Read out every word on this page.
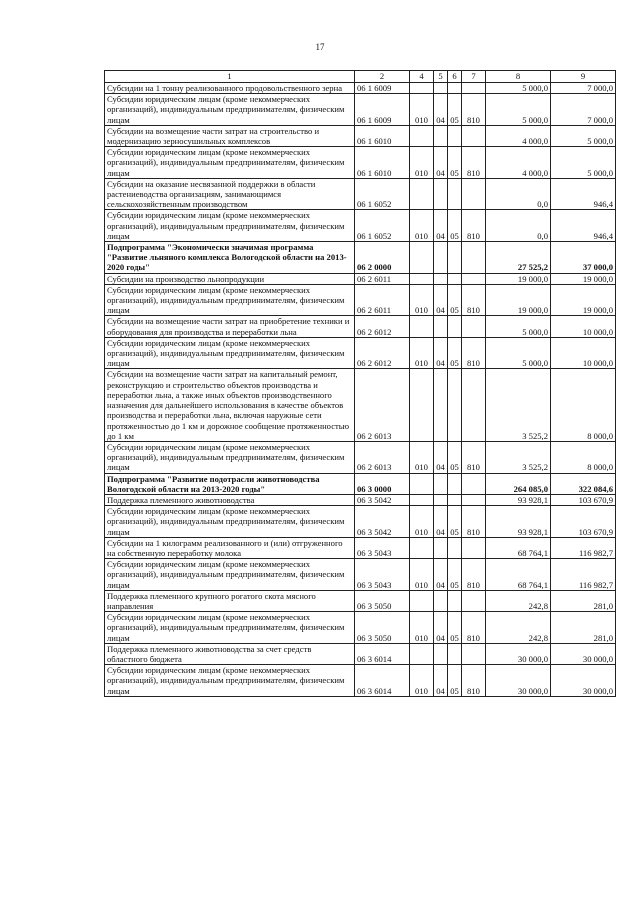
17
1	2	4	5	6	7	8	9
Субсидии на 1 тонну реализованного продовольственного зерна	06 1 6009					5 000,0	7 000,0
Субсидии юридическим лицам (кроме некоммерческих организаций), индивидуальным предпринимателям, физическим лицам	06 1 6009	010	04	05	810	5 000,0	7 000,0
Субсидии на возмещение части затрат на строительство и модернизацию зерносушильных комплексов	06 1 6010					4 000,0	5 000,0
Субсидии юридическим лицам (кроме некоммерческих организаций), индивидуальным предпринимателям, физическим лицам	06 1 6010	010	04	05	810	4 000,0	5 000,0
Субсидии на оказание несвязанной поддержки в области растениеводства организациям, занимающимся сельскохозяйственным производством	06 1 6052					0,0	946,4
Субсидии юридическим лицам (кроме некоммерческих организаций), индивидуальным предпринимателям, физическим лицам	06 1 6052	010	04	05	810	0,0	946,4
Подпрограмма "Экономически значимая программа "Развитие льняного комплекса Вологодской области на 2013-2020 годы"	06 2 0000					27 525,2	37 000,0
Субсидии на производство льнопродукции	06 2 6011					19 000,0	19 000,0
Субсидии юридическим лицам (кроме некоммерческих организаций), индивидуальным предпринимателям, физическим лицам	06 2 6011	010	04	05	810	19 000,0	19 000,0
Субсидии на возмещение части затрат на приобретение техники и оборудования для производства и переработки льна	06 2 6012					5 000,0	10 000,0
Субсидии юридическим лицам (кроме некоммерческих организаций), индивидуальным предпринимателям, физическим лицам	06 2 6012	010	04	05	810	5 000,0	10 000,0
Субсидии на возмещение части затрат на капитальный ремонт, реконструкцию и строительство объектов производства и переработки льна, а также иных объектов производственного назначения для дальнейшего использования в качестве объектов производства и переработки льна, включая наружные сети протяженностью до 1 км и дорожное сообщение протяженностью до 1 км	06 2 6013					3 525,2	8 000,0
Субсидии юридическим лицам (кроме некоммерческих организаций), индивидуальным предпринимателям, физическим лицам	06 2 6013	010	04	05	810	3 525,2	8 000,0
Подпрограмма "Развитие подотрасли животноводства Вологодской области на 2013-2020 годы"	06 3 0000					264 085,0	322 084,6
Поддержка племенного животноводства	06 3 5042					93 928,1	103 670,9
Субсидии юридическим лицам (кроме некоммерческих организаций), индивидуальным предпринимателям, физическим лицам	06 3 5042	010	04	05	810	93 928,1	103 670,9
Субсидии на 1 килограмм реализованного и (или) отгруженного на собственную переработку молока	06 3 5043					68 764,1	116 982,7
Субсидии юридическим лицам (кроме некоммерческих организаций), индивидуальным предпринимателям, физическим лицам	06 3 5043	010	04	05	810	68 764,1	116 982,7
Поддержка племенного крупного рогатого скота мясного направления	06 3 5050					242,8	281,0
Субсидии юридическим лицам (кроме некоммерческих организаций), индивидуальным предпринимателям, физическим лицам	06 3 5050	010	04	05	810	242,8	281,0
Поддержка племенного животноводства за счет средств областного бюджета	06 3 6014					30 000,0	30 000,0
Субсидии юридическим лицам (кроме некоммерческих организаций), индивидуальным предпринимателям, физическим лицам	06 3 6014	010	04	05	810	30 000,0	30 000,0
